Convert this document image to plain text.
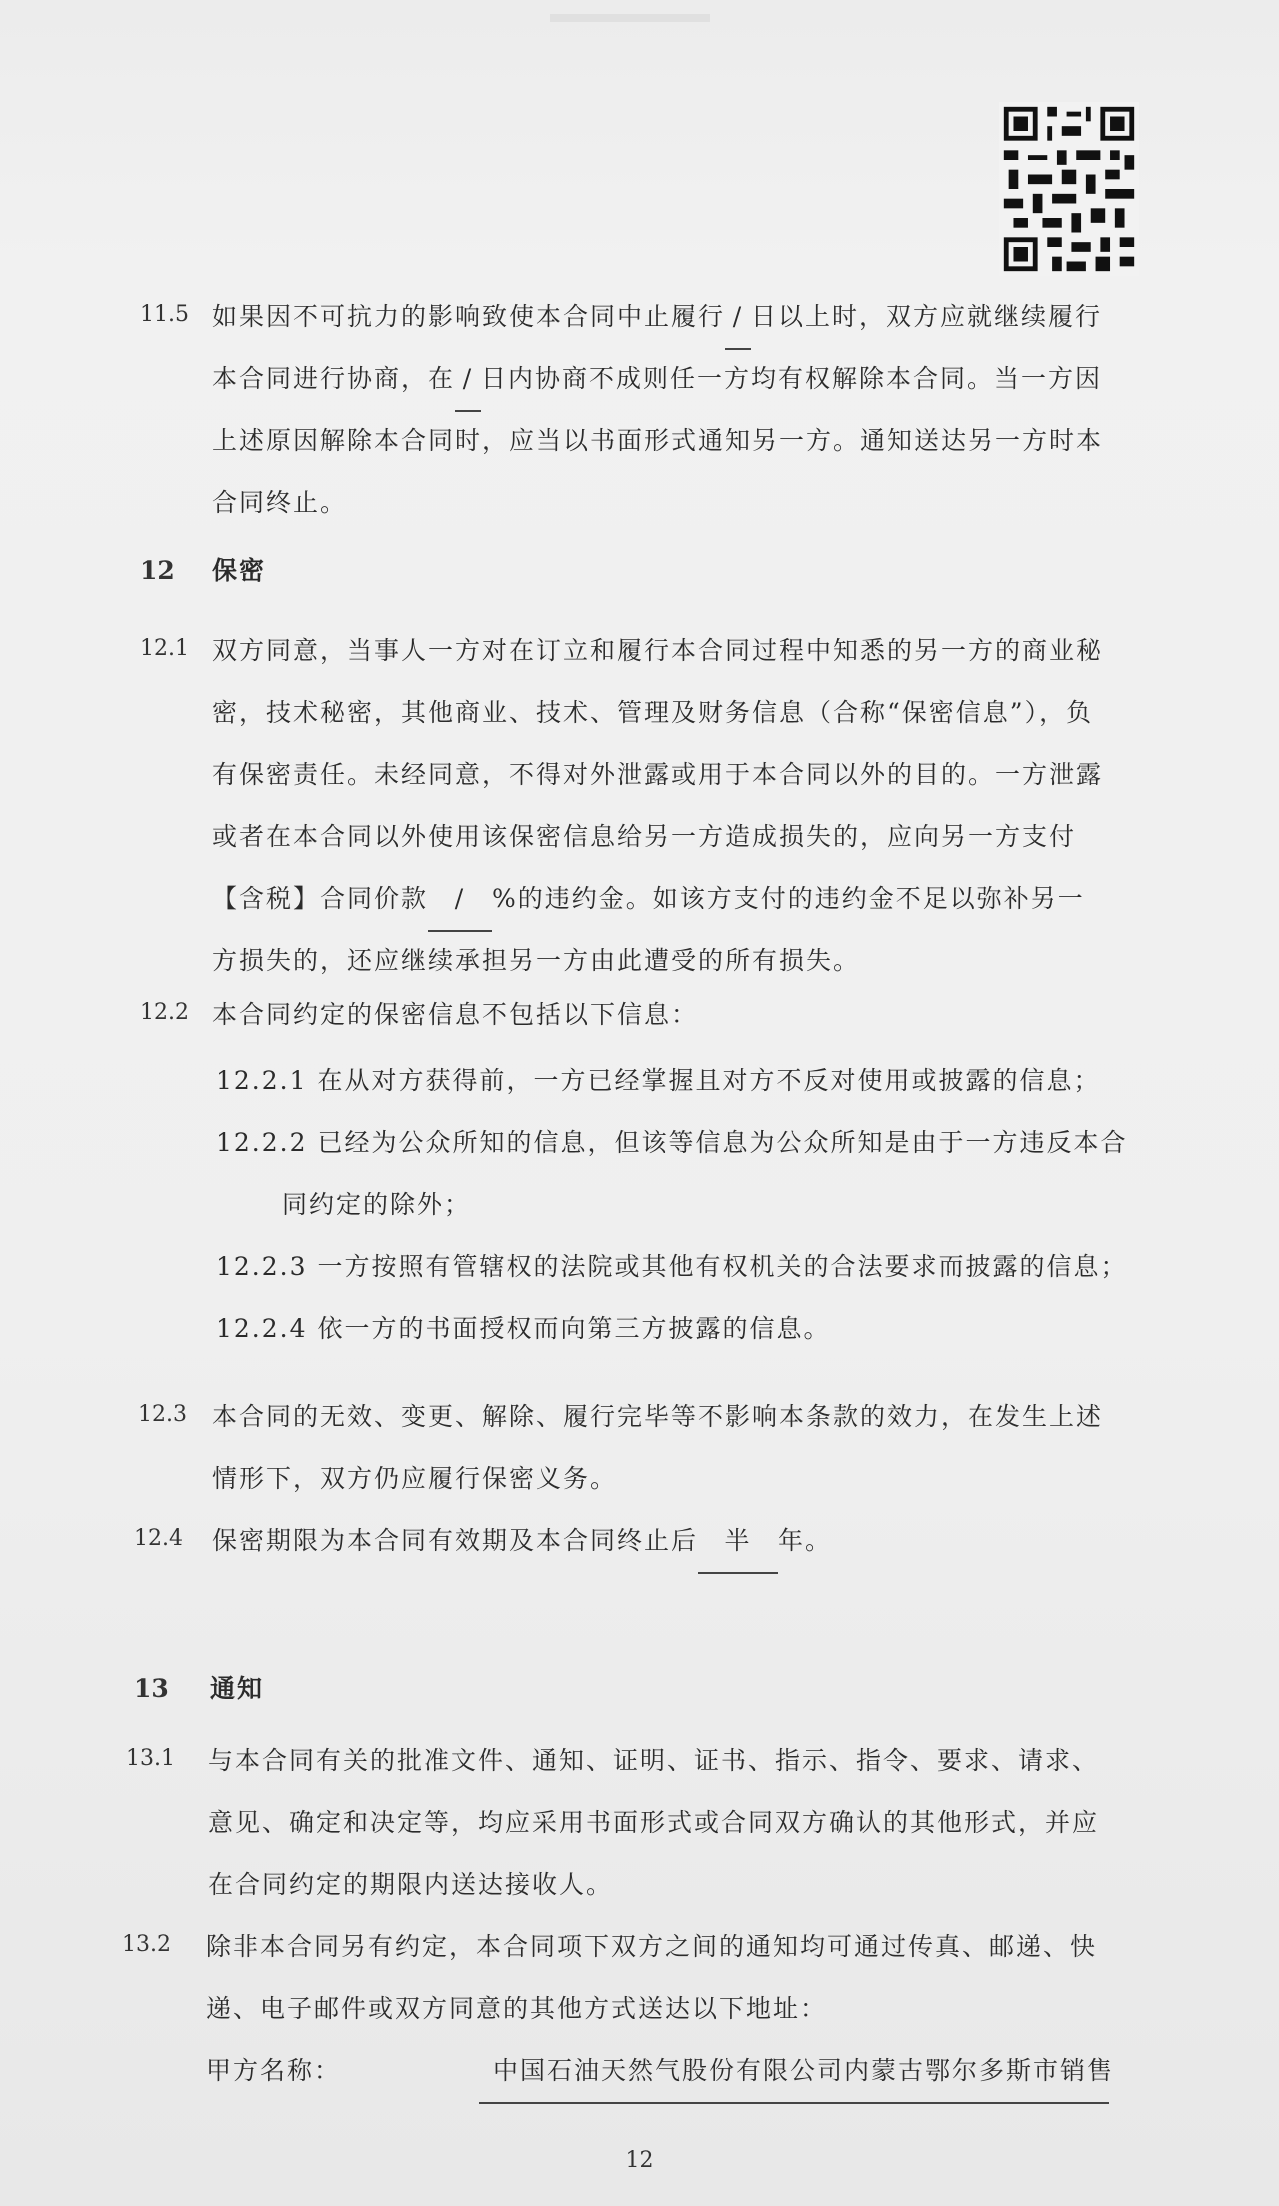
11.5 如果因不可抗力的影响致使本合同中止履行 / 日以上时，双方应就继续履行
本合同进行协商，在 / 日内协商不成则任一方均有权解除本合同。当一方因
上述原因解除本合同时，应当以书面形式通知另一方。通知送达另一方时本
合同终止。
12 保密
12.1 双方同意，当事人一方对在订立和履行本合同过程中知悉的另一方的商业秘
密，技术秘密，其他商业、技术、管理及财务信息（合称“保密信息”），负
有保密责任。未经同意，不得对外泄露或用于本合同以外的目的。一方泄露
或者在本合同以外使用该保密信息给另一方造成损失的，应向另一方支付
【含税】合同价款 / %的违约金。如该方支付的违约金不足以弥补另一
方损失的，还应继续承担另一方由此遭受的所有损失。
12.2 本合同约定的保密信息不包括以下信息：
12.2.1 在从对方获得前，一方已经掌握且对方不反对使用或披露的信息；
12.2.2 已经为公众所知的信息，但该等信息为公众所知是由于一方违反本合
同约定的除外；
12.2.3 一方按照有管辖权的法院或其他有权机关的合法要求而披露的信息；
12.2.4 依一方的书面授权而向第三方披露的信息。
12.3 本合同的无效、变更、解除、履行完毕等不影响本条款的效力，在发生上述
情形下，双方仍应履行保密义务。
12.4 保密期限为本合同有效期及本合同终止后 半 年。
13 通知
13.1 与本合同有关的批准文件、通知、证明、证书、指示、指令、要求、请求、
意见、确定和决定等，均应采用书面形式或合同双方确认的其他形式，并应
在合同约定的期限内送达接收人。
13.2 除非本合同另有约定，本合同项下双方之间的通知均可通过传真、邮递、快
递、电子邮件或双方同意的其他方式送达以下地址：
甲方名称：	中国石油天然气股份有限公司内蒙古鄂尔多斯市销售
12
